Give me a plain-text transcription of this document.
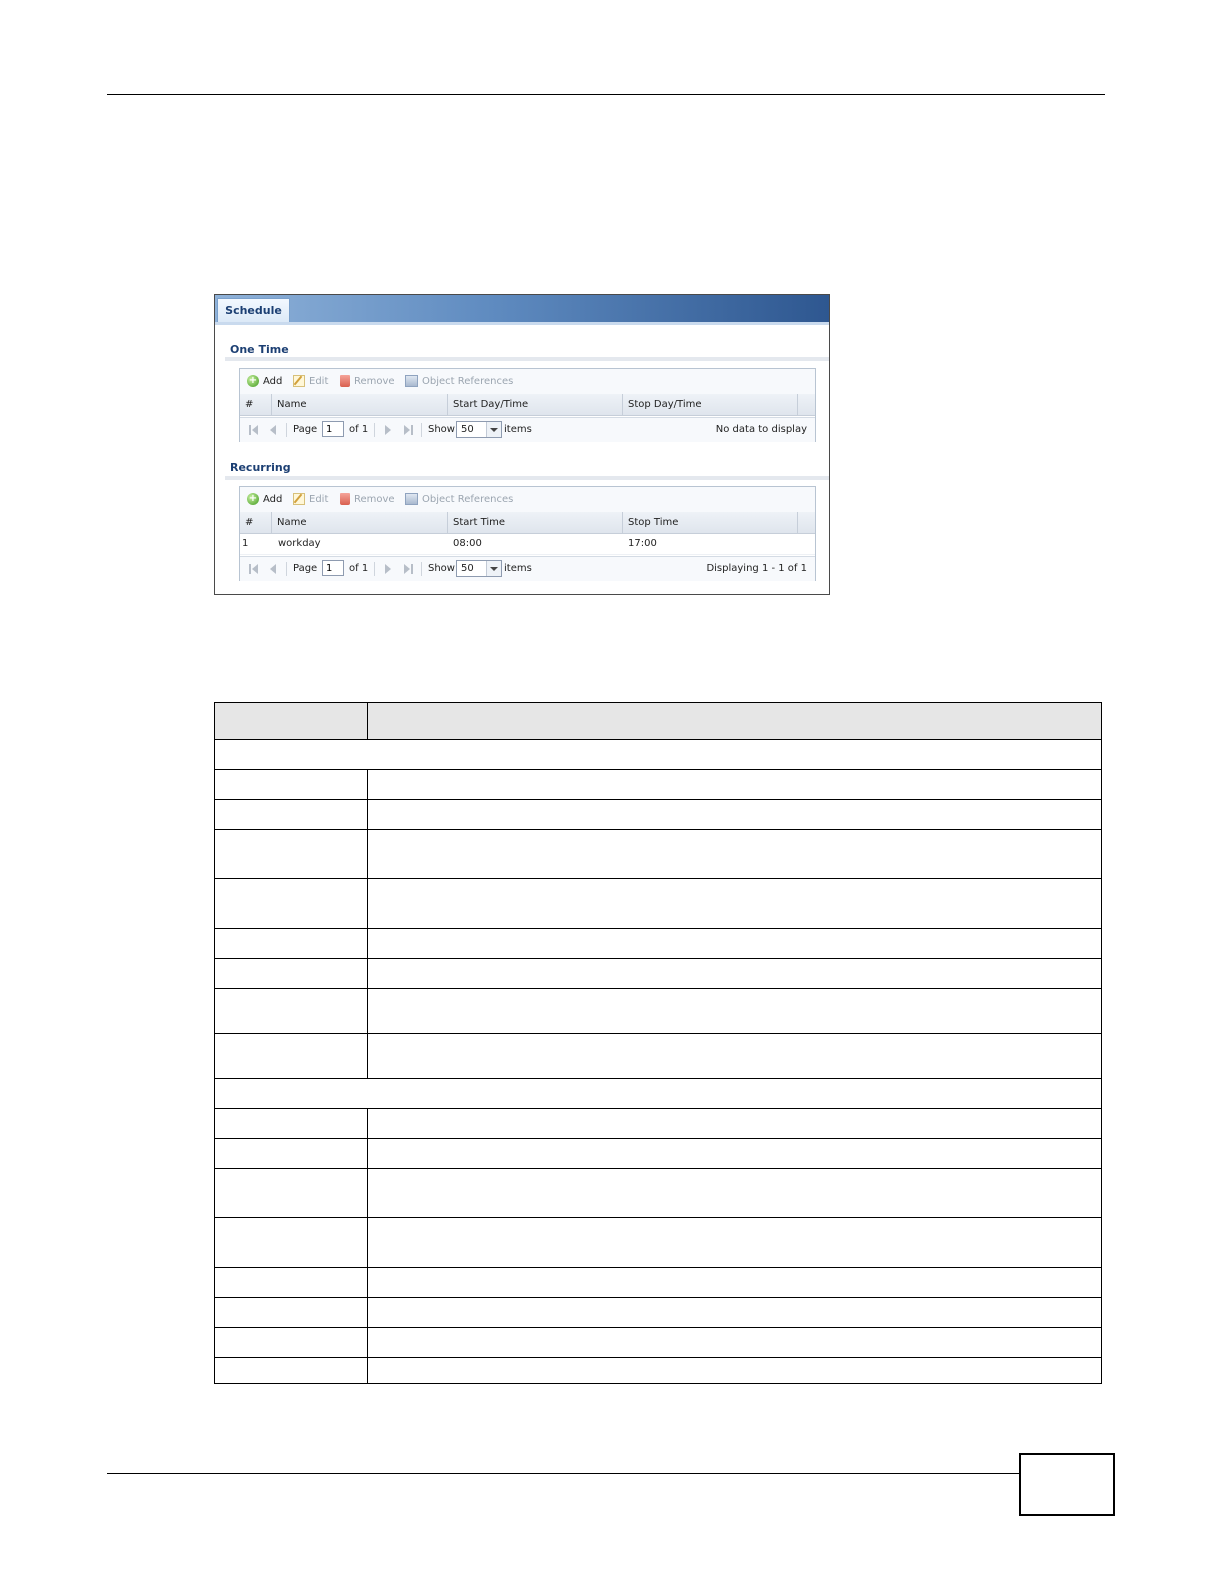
Schedule
One Time
+ Add	Edit	Remove	Object References
#	Name	Start Day/Time	Stop Day/Time
Page
1	of 1	Show 50	items	No data to display
Recurring
+ Add	Edit	Remove	Object References
#	Name	Start Time	Stop Time
1	workday	08:00	17:00
Page
1	of 1	Show 50	items	Displaying 1 - 1 of 1
